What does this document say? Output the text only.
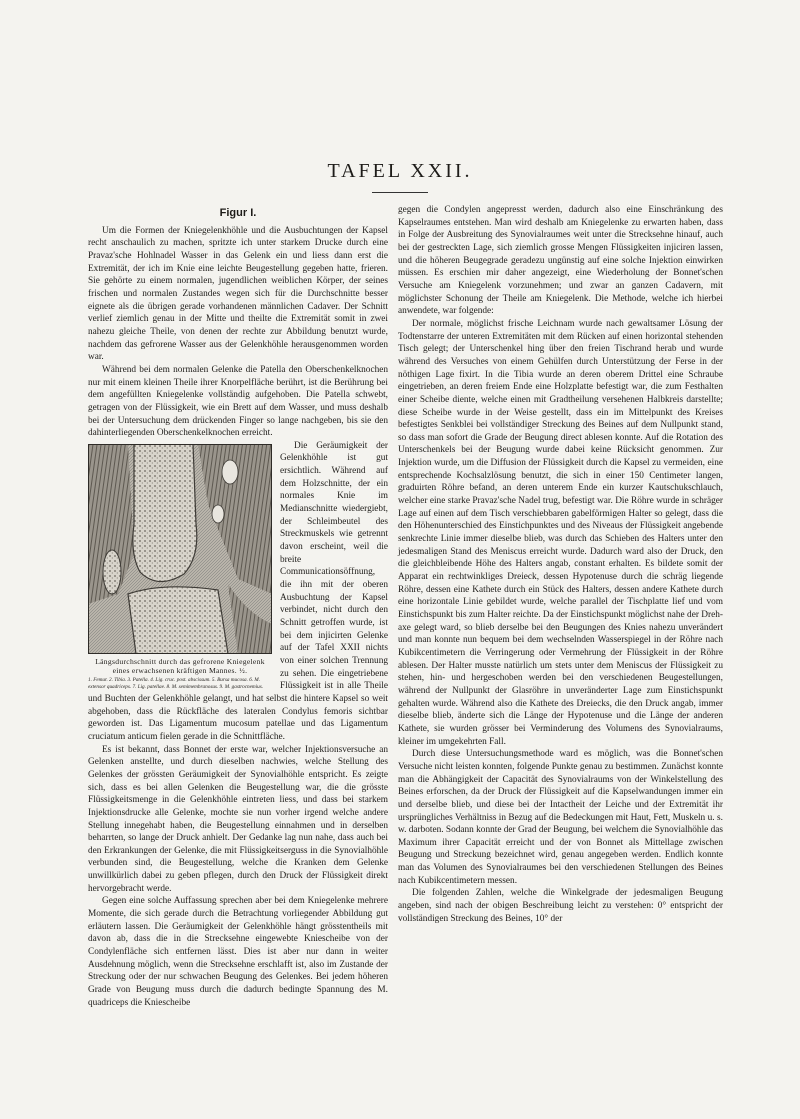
TAFEL XXII.
Figur I.

Um die Formen der Kniegelenkhöhle und die Ausbuchtungen der Kapsel recht anschaulich zu machen, spritzte ich unter starkem Drucke durch eine Pravaz'sche Hohlnadel Wasser in das Gelenk ein und liess dann erst die Extremität, der ich im Knie eine leichte Beugestellung gegeben hatte, frieren. Sie gehörte zu einem normalen, jugendlichen weiblichen Körper, der seines frischen und normalen Zustandes wegen sich für die Durchschnitte besser eignete als die übrigen gerade vorhandenen männlichen Cadaver. Der Schnitt verlief ziemlich genau in der Mitte und theilte die Extremität somit in zwei nahezu gleiche Theile, von denen der rechte zur Abbildung benutzt wurde, nachdem das gefrorene Wasser aus der Gelenkhöhle herausgenommen worden war.

Während bei dem normalen Gelenke die Patella den Oberschenkelknochen nur mit einem kleinen Theile ihrer Knorpelfläche berührt, ist die Berührung bei dem angefüllten Kniegelenke vollständig aufgehoben. Die Patella schwebt, getragen von der Flüssigkeit, wie ein Brett auf dem Wasser, und muss deshalb bei der Untersuchung dem drückenden Finger so lange nachgeben, bis sie den dahinterliegenden Oberschenkelknochen erreicht.

Längsdurchschnitt durch das gefrorene Kniegelenk eines erwachsenen kräftigen Mannes. ½.
1. Femur. 2. Tibia. 3. Patella. 4. Lig. cruc. post. abscissum. 5. Bursa mucosa. 6. M. extensor quadriceps. 7. Lig. patellae. 8. M. semimembranosus. 9. M. gastrocnemius.

Die Geräumigkeit der Gelenkhöhle ist gut ersichtlich. Während auf dem Holzschnitte, der ein normales Knie im Medianschnitte wiedergiebt, der Schleimbeutel des Streckmuskels wie getrennt davon erscheint, weil die breite Communicationsöffnung, die ihn mit der oberen Ausbuchtung der Kapsel verbindet, nicht durch den Schnitt getroffen wurde, ist bei dem injicirten Gelenke auf der Tafel XXII nichts von einer solchen Trennung zu sehen. Die eingetriebene Flüssigkeit ist in alle Theile und Buchten der Gelenkhöhle gelangt, und hat selbst die hintere Kapsel so weit abgehoben, dass die Rückfläche des lateralen Condylus femoris sichtbar geworden ist. Das Ligamentum mucosum patellae und das Ligamentum cruciatum anticum fielen gerade in die Schnittfläche.

Es ist bekannt, dass Bonnet der erste war, welcher Injektionsversuche an Gelenken anstellte, und durch dieselben nachwies, welche Stellung des Gelenkes der grössten Geräumigkeit der Synovialhöhle entspricht. Es zeigte sich, dass es bei allen Gelenken die Beugestellung war, die die grösste Flüssigkeitsmenge in die Gelenkhöhle eintreten liess, und dass bei starkem Injektionsdrucke alle Gelenke, mochte sie nun vorher irgend welche andere Stellung innegehabt haben, die Beugestellung einnahmen und in derselben beharrten, so lange der Druck anhielt. Der Gedanke lag nun nahe, dass auch bei den Erkrankungen der Gelenke, die mit Flüssigkeitserguss in die Synovialhöhle verbunden sind, die Beugestellung, welche die Kranken dem Gelenke unwillkürlich dabei zu geben pflegen, durch den Druck der Flüssigkeit direkt hervorgebracht werde.

Gegen eine solche Auffassung sprechen aber bei dem Kniegelenke mehrere Momente, die sich gerade durch die Betrachtung vorliegender Abbildung gut erläutern lassen. Die Geräumigkeit der Gelenkhöhle hängt grösstentheils mit davon ab, dass die in die Strecksehne eingewebte Kniescheibe von der Condylenfläche sich entfernen lässt. Dies ist aber nur dann in weiter Ausdehnung möglich, wenn die Strecksehne erschlafft ist, also im Zustande der Streckung oder der nur schwachen Beugung des Gelenkes. Bei jedem höheren Grade von Beugung muss durch die dadurch bedingte Spannung des M. quadriceps die Kniescheibe

gegen die Condylen angepresst werden, dadurch also eine Einschränkung des Kapselraumes entstehen. Man wird deshalb am Kniegelenke zu erwarten haben, dass in Folge der Ausbreitung des Synovialraumes weit unter die Strecksehne hinauf, auch bei der gestreckten Lage, sich ziemlich grosse Mengen Flüssigkeiten injiciren lassen, und die höheren Beugegrade geradezu ungünstig auf eine solche Injektion einwirken müssen. Es erschien mir daher angezeigt, eine Wiederholung der Bonnet'schen Versuche am Kniegelenk vorzunehmen; und zwar an ganzen Cadavern, mit möglichster Schonung der Theile am Kniegelenk. Die Methode, welche ich hierbei anwendete, war folgende:

Der normale, möglichst frische Leichnam wurde nach gewaltsamer Lösung der Todtenstarre der unteren Extremitäten mit dem Rücken auf einen horizontal stehenden Tisch gelegt; der Unterschenkel hing über den freien Tischrand herab und wurde während des Versuches von einem Gehülfen durch Unterstützung der Ferse in der nöthigen Lage fixirt. In die Tibia wurde an deren oberem Drittel eine Schraube eingetrieben, an deren freiem Ende eine Holzplatte befestigt war, die zum Festhalten einer Scheibe diente, welche einen mit Gradtheilung versehenen Halbkreis darstellte; diese Scheibe wurde in der Weise gestellt, dass ein im Mittelpunkt des Kreises befestigtes Senkblei bei vollständiger Streckung des Beines auf dem Nullpunkt stand, so dass man sofort die Grade der Beugung direct ablesen konnte. Auf die Rotation des Unterschenkels bei der Beugung wurde dabei keine Rücksicht genommen. Zur Injektion wurde, um die Diffusion der Flüssigkeit durch die Kapsel zu vermeiden, eine entsprechende Kochsalzlösung benutzt, die sich in einer 150 Centimeter langen, graduirten Röhre befand, an deren unterem Ende ein kurzer Kautschukschlauch, welcher eine starke Pravaz'sche Nadel trug, befestigt war. Die Röhre wurde in schräger Lage auf einen auf dem Tisch verschiebbaren gabelförmigen Halter so gelegt, dass die den Höhenunterschied des Einstichpunktes und des Niveaus der Flüssigkeit angebende senkrechte Linie immer dieselbe blieb, was durch das Schieben des Halters unter den jedesmaligen Stand des Meniscus erreicht wurde. Dadurch ward also der Druck, den die gleichbleibende Höhe des Halters angab, constant erhalten. Es bildete somit der Apparat ein rechtwinkliges Dreieck, dessen Hypotenuse durch die schräg liegende Röhre, dessen eine Kathete durch ein Stück des Halters, dessen andere Kathete durch eine horizontale Linie gebildet wurde, welche parallel der Tischplatte lief und vom Einstichspunkt bis zum Halter reichte. Da der Einstichspunkt möglichst nahe der Dreh-axe gelegt ward, so blieb derselbe bei den Beugungen des Knies nahezu unverändert und man konnte nun bequem bei dem wechselnden Wasserspiegel in der Röhre nach Kubikcentimetern die Verringerung oder Vermehrung der Flüssigkeit in der Röhre ablesen. Der Halter musste natürlich um stets unter dem Meniscus der Flüssigkeit zu stehen, hin- und hergeschoben werden bei den verschiedenen Beugestellungen, während der Nullpunkt der Glasröhre in unveränderter Lage zum Einstichspunkt gehalten wurde. Während also die Kathete des Dreiecks, die den Druck angab, immer dieselbe blieb, änderte sich die Länge der Hypotenuse und die Länge der anderen Kathete, sie wurden grösser bei Verminderung des Volumens des Synovialraums, kleiner im umgekehrten Fall.

Durch diese Untersuchungsmethode ward es möglich, was die Bonnet'schen Versuche nicht leisten konnten, folgende Punkte genau zu bestimmen. Zunächst konnte man die Abhängigkeit der Capacität des Synovialraums von der Winkelstellung des Beines erforschen, da der Druck der Flüssigkeit auf die Kapselwandungen immer ein und derselbe blieb, und diese bei der Intactheit der Leiche und der Extremität ihr ursprüngliches Verhältniss in Bezug auf die Bedeckungen mit Haut, Fett, Muskeln u. s. w. darboten. Sodann konnte der Grad der Beugung, bei welchem die Synovialhöhle das Maximum ihrer Capacität erreicht und der von Bonnet als Mittellage zwischen Beugung und Streckung bezeichnet wird, genau angegeben werden. Endlich konnte man das Volumen des Synovialraumes bei den verschiedenen Stellungen des Beines nach Kubikcentimetern messen.

Die folgenden Zahlen, welche die Winkelgrade der jedesmaligen Beugung angeben, sind nach der obigen Beschreibung leicht zu verstehen: 0° entspricht der vollständigen Streckung des Beines, 10° der
